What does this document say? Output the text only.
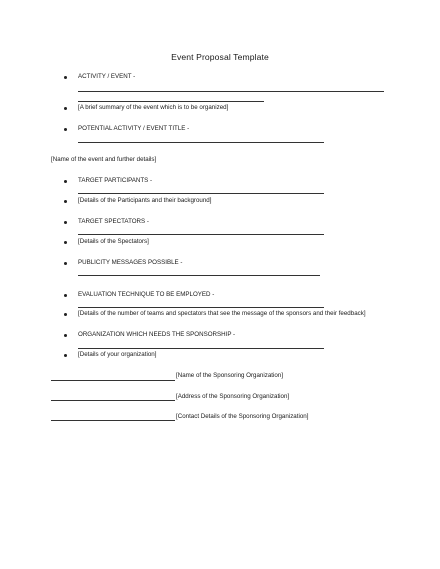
Event Proposal Template
ACTIVITY / EVENT -
[A brief summary of the event which is to be organized]
POTENTIAL ACTIVITY / EVENT TITLE -
[Name of the event and further details]
TARGET PARTICIPANTS -
[Details of the Participants and their background]
TARGET SPECTATORS -
[Details of the Spectators]
PUBLICITY MESSAGES POSSIBLE -
EVALUATION TECHNIQUE TO BE EMPLOYED -
[Details of the number of teams and spectators that see the message of the sponsors and their feedback]
ORGANIZATION WHICH NEEDS THE SPONSORSHIP -
[Details of your organization]
[Name of the Sponsoring Organization]
[Address of the Sponsoring Organization]
[Contact Details of the Sponsoring Organization]
